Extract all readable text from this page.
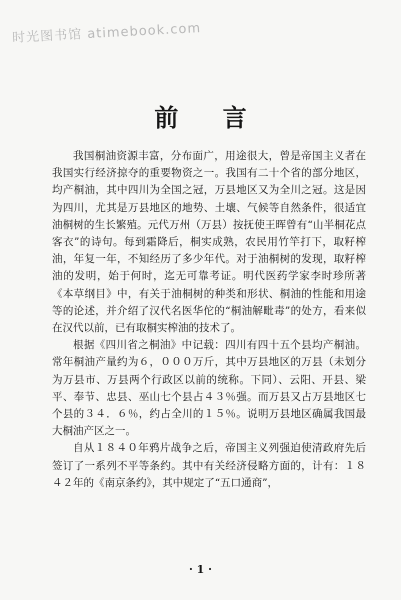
时光图书馆 atimebook.com
前 言

我国桐油资源丰富，分布面广，用途很大，曾是帝国主义者在我国实行经济掠夺的重要物资之一。我国有二十个省的部分地区，均产桐油，其中四川为全国之冠，万县地区又为全川之冠。这是因为四川，尤其是万县地区的地势、土壤、气候等自然条件，很适宜油桐树的生长繁殖。元代万州（万县）按抚使王晖曾有“山半桐花点客衣”的诗句。每到霜降后，桐实成熟，农民用竹竿打下，取籽榨油，年复一年，不知经历了多少年代。对于油桐树的发现，取籽榨油的发明，始于何时，迄无可靠考证。明代医药学家李时珍所著《本草纲目》中，有关于油桐树的种类和形状、桐油的性能和用途等的论述，并介绍了汉代名医华佗的“桐油解毗毒”的处方，看来似在汉代以前，已有取桐实榨油的技术了。

根据《四川省之桐油》中记载：四川有四十五个县均产桐油。常年桐油产量约为６，０００万斤，其中万县地区的万县（未划分为万县市、万县两个行政区以前的统称。下同）、云阳、开县、梁平、奉节、忠县、巫山七个县占４３％强。而万县又占万县地区七个县的３４．６％，约占全川的１５％。说明万县地区确属我国最大桐油产区之一。

自从１８４０年鸦片战争之后，帝国主义列强迫使清政府先后签订了一系列不平等条约。其中有关经济侵略方面的，计有：１８４２年的《南京条约》，其中规定了“五口通商”，

· 1 ·
